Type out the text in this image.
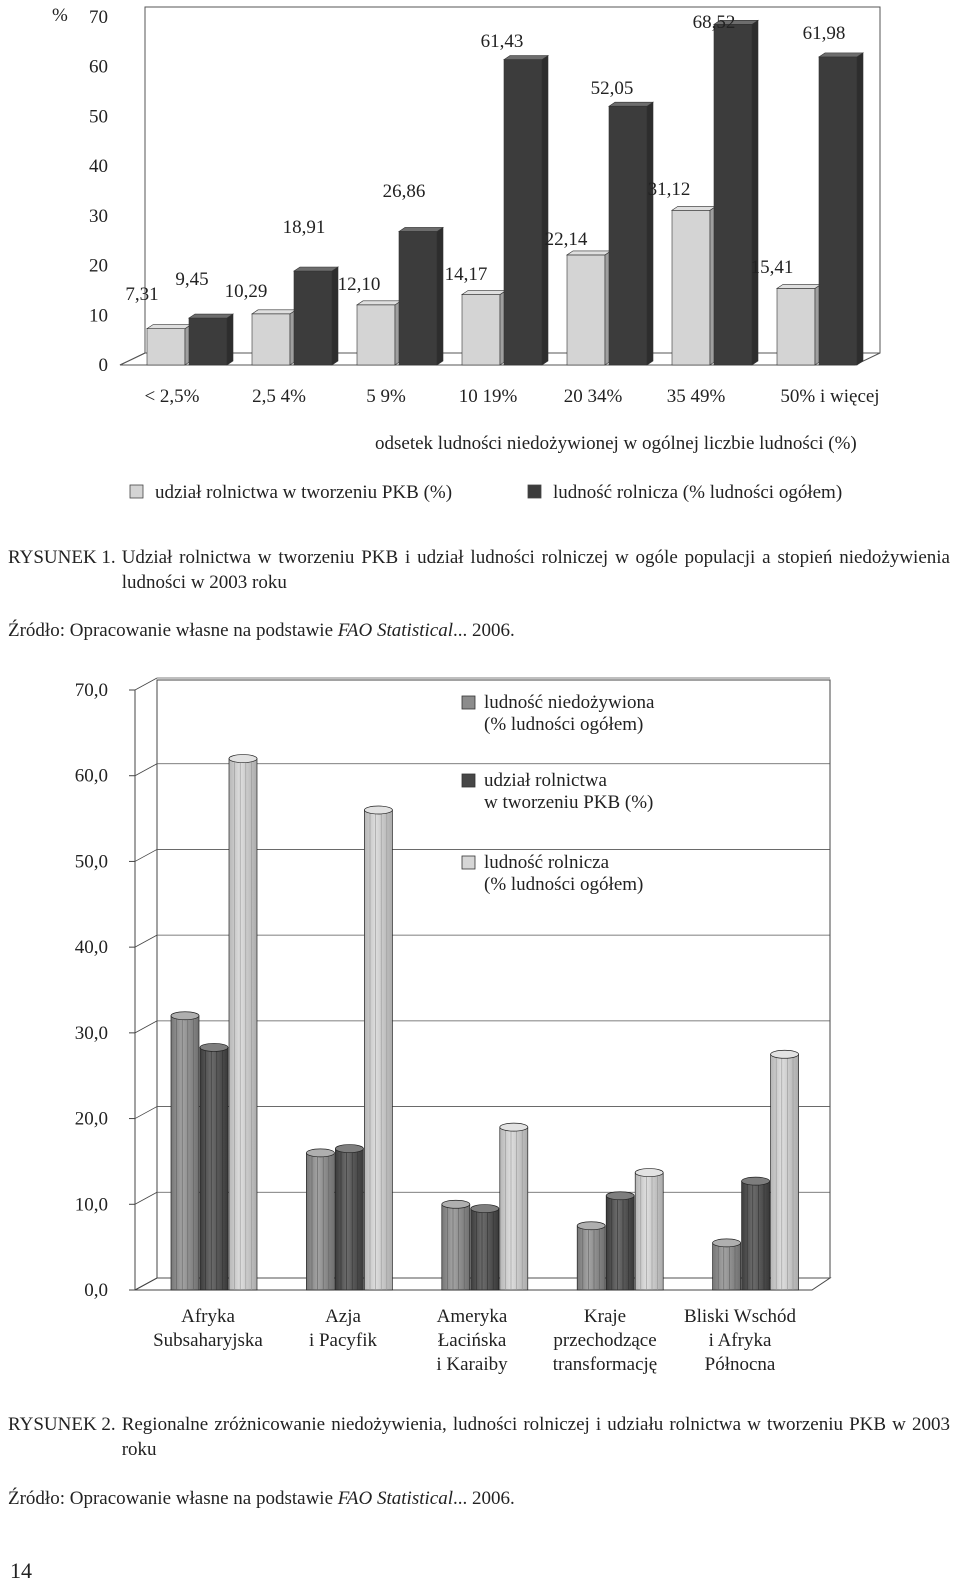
%
0
10
20
30
40
50
60
70
7,31
9,45
10,29
18,91
12,10
26,86
14,17
61,43
22,14
52,05
31,12
68,52
15,41
61,98
< 2,5%	2,5 4%	5 9%	10 19% 20 34% 35 49%	50% i więcej
odsetek ludności niedożywionej w ogólnej liczbie ludności (%)
udział rolnictwa w tworzeniu PKB (%)	ludność rolnicza (% ludności ogółem)
RYSUNEK 1. Udział rolnictwa w tworzeniu PKB i udział ludności rolniczej w ogóle populacji a stopień niedożywienia ludności w 2003 roku
Źródło: Opracowanie własne na podstawie FAO Statistical... 2006.
0,0
10,0
20,0
30,0
40,0
50,0
60,0
70,0
Afryka
Subsaharyjska
Azja
i Pacyfik
Ameryka
Łacińska
i Karaiby
Kraje
przechodzące
transformację
Bliski Wschód
i Afryka
Północna
ludność niedożywiona
(% ludności ogółem)
udział rolnictwa
w tworzeniu PKB (%)
ludność rolnicza
(% ludności ogółem)
RYSUNEK 2. Regionalne zróżnicowanie niedożywienia, ludności rolniczej i udziału rolnictwa w tworzeniu PKB w 2003 roku
Źródło: Opracowanie własne na podstawie FAO Statistical... 2006.
14
